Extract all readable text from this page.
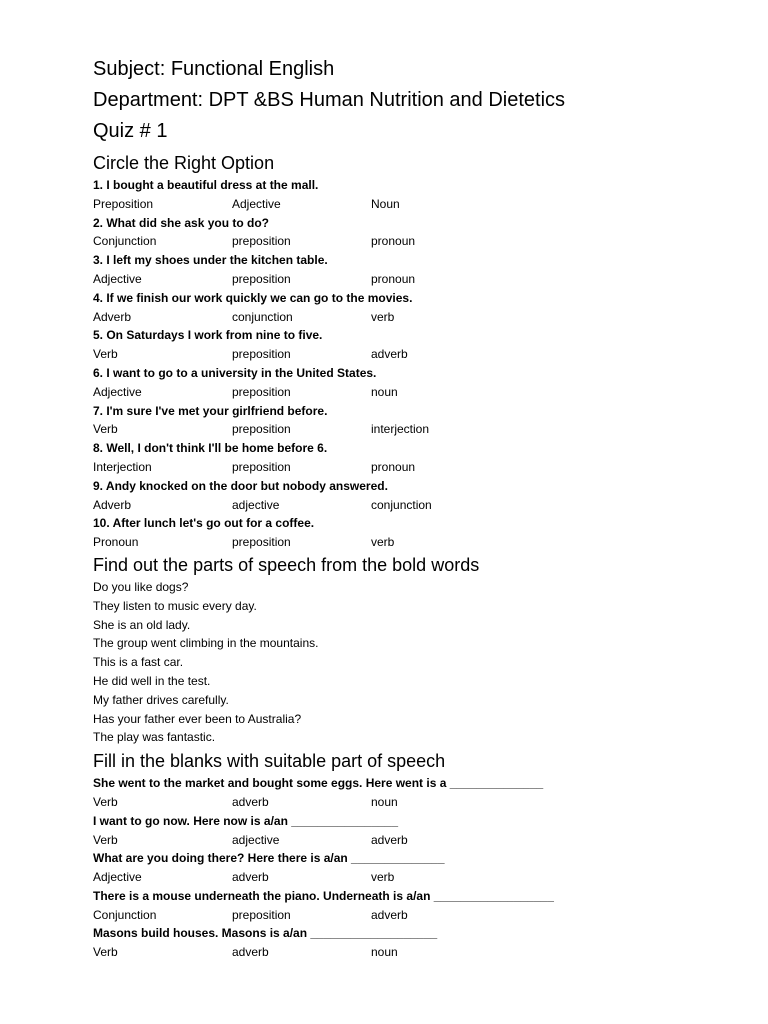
Subject: Functional English
Department: DPT &BS Human Nutrition and Dietetics
Quiz # 1
Circle the Right Option
1. I bought a beautiful dress at the mall.
Preposition	Adjective	Noun
2. What did she ask you to do?
Conjunction	preposition	pronoun
3. I left my shoes under the kitchen table.
Adjective	preposition	pronoun
4. If we finish our work quickly we can go to the movies.
Adverb	conjunction	verb
5. On Saturdays I work from nine to five.
Verb	preposition	adverb
6. I want to go to a university in the United States.
Adjective	preposition	noun
7. I'm sure I've met your girlfriend before.
Verb	preposition	interjection
8. Well, I don't think I'll be home before 6.
Interjection	preposition	pronoun
9. Andy knocked on the door but nobody answered.
Adverb	adjective	conjunction
10. After lunch let's go out for a coffee.
Pronoun	preposition	verb
Find out the parts of speech from the bold words
Do you like dogs?
They listen to music every day.
She is an old lady.
The group went climbing in the mountains.
This is a fast car.
He did well in the test.
My father drives carefully.
Has your father ever been to Australia?
The play was fantastic.
Fill in the blanks with suitable part of speech
She went to the market and bought some eggs. Here went is a ______________
Verb	adverb	noun
I want to go now. Here now is a/an ________________
Verb	adjective	adverb
What are you doing there? Here there is a/an ______________
Adjective	adverb	verb
There is a mouse underneath the piano. Underneath is a/an __________________
Conjunction	preposition	adverb
Masons build houses. Masons is a/an ___________________
Verb	adverb	noun
